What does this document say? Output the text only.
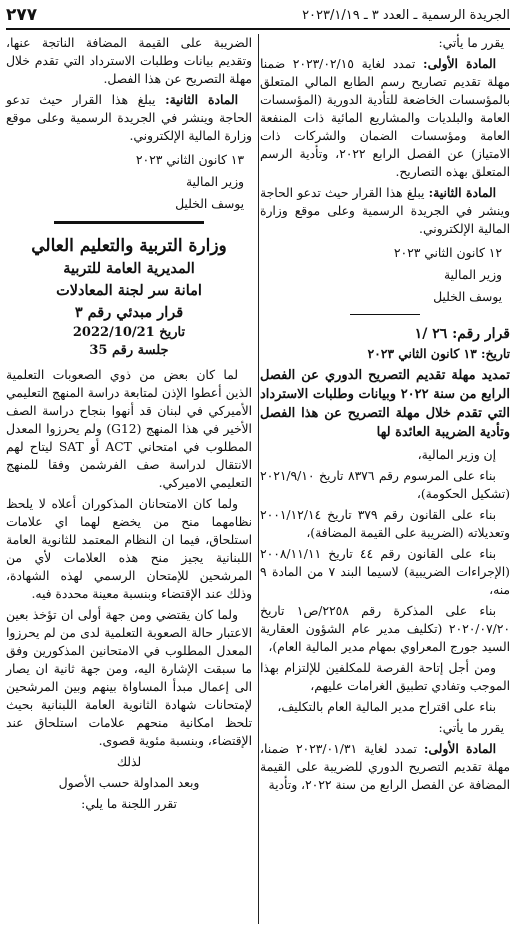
الجريدة الرسمية ـ العدد ٣ ـ ٢٠٢٣/١/١٩
٢٧٧

يقرر ما يأتي:

المادة الأولى: تمدد لغاية ٢٠٢٣/٠٢/١٥ ضمنا مهلة تقديم تصاريح رسم الطابع المالي المتعلق بالمؤسسات الخاضعة للتأدية الدورية (المؤسسات العامة والبلديات والمشاريع المائية ذات المنفعة العامة ومؤسسات الضمان والشركات ذات الامتياز) عن الفصل الرابع ٢٠٢٢، وتأدية الرسم المتعلق بهذه التصاريح.

المادة الثانية: يبلغ هذا القرار حيث تدعو الحاجة وينشر في الجريدة الرسمية وعلى موقع وزارة المالية الإلكتروني.

١٢ كانون الثاني ٢٠٢٣

وزير المالية

يوسف الخليل

قرار رقم: ٢٦ /١

تاريخ: ١٣ كانون الثاني ٢٠٢٣

تمديد مهلة تقديم التصريح الدوري عن الفصل الرابع من سنة ٢٠٢٢ وبيانات وطلبات الاسترداد التي تقدم خلال مهلة التصريح عن هذا الفصل وتأدية الضريبة العائدة لها

إن وزير المالية،

بناء على المرسوم رقم ٨٣٧٦ تاريخ ٢٠٢١/٩/١٠ (تشكيل الحكومة)،

بناء على القانون رقم ٣٧٩ تاريخ ٢٠٠١/١٢/١٤ وتعديلاته (الضريبة على القيمة المضافة)،

بناء على القانون رقم ٤٤ تاريخ ٢٠٠٨/١١/١١ (الإجراءات الضريبية) لاسيما البند ٧ من المادة ٩ منه،

بناء على المذكرة رقم ٢٢٥٨/ص١ تاريخ ٢٠٢٠/٠٧/٢٠ (تكليف مدير عام الشؤون العقارية السيد جورج المعراوي بمهام مدير المالية العام)،

ومن أجل إتاحة الفرصة للمكلفين للإلتزام بهذا الموجب وتفادي تطبيق الغرامات عليهم،

بناء على اقتراح مدير المالية العام بالتكليف،

يقرر ما يأتي:

المادة الأولى: تمدد لغاية ٢٠٢٣/٠١/٣١ ضمنا، مهلة تقديم التصريح الدوري للضريبة على القيمة المضافة عن الفصل الرابع من سنة ٢٠٢٢، وتأدية

الضريبة على القيمة المضافة الناتجة عنها، وتقديم بيانات وطلبات الاسترداد التي تقدم خلال مهلة التصريح عن هذا الفصل.

المادة الثانية: يبلغ هذا القرار حيث تدعو الحاجة وينشر في الجريدة الرسمية وعلى موقع وزارة المالية الإلكتروني.

١٣ كانون الثاني ٢٠٢٣

وزير المالية

يوسف الخليل

وزارة التربية والتعليم العالي
المديرية العامة للتربية
امانة سر لجنة المعادلات
قرار مبدئي رقم ٣
تاريخ 2022/10/21
جلسة رقم 35

لما كان بعض من ذوي الصعوبات التعلمية الذين أعطوا الإذن لمتابعة دراسة المنهج التعليمي الأميركي في لبنان قد أنهوا بنجاح دراسة الصف الأخير في هذا المنهج (G12) ولم يحرزوا المعدل المطلوب في امتحاني ACT أو SAT ليتاح لهم الانتقال لدراسة صف الفرشمن وفقا للمنهج التعليمي الاميركي.

ولما كان الامتحانان المذكوران أعلاه لا يلحظ نظامهما منح من يخضع لهما اي علامات استلحاق، فيما ان النظام المعتمد للثانوية العامة اللبنانية يجيز منح هذه العلامات لأي من المرشحين للإمتحان الرسمي لهذه الشهادة، وذلك عند الإقتضاء وبنسبة معينة محددة فيه.

ولما كان يقتضي ومن جهة أولى ان تؤخذ بعين الاعتبار حالة الصعوبة التعلمية لدى من لم يحرزوا المعدل المطلوب في الامتحانين المذكورين وفق ما سبقت الإشارة اليه، ومن جهة ثانية ان يصار الى إعمال مبدأ المساواة بينهم وبين المرشحين لإمتحانات شهادة الثانوية العامة اللبنانية بحيث تلحظ امكانية منحهم علامات استلحاق عند الإقتضاء، وبنسبة مئوية قصوى.

لذلك

وبعد المداولة حسب الأصول

تقرر اللجنة ما يلي:
